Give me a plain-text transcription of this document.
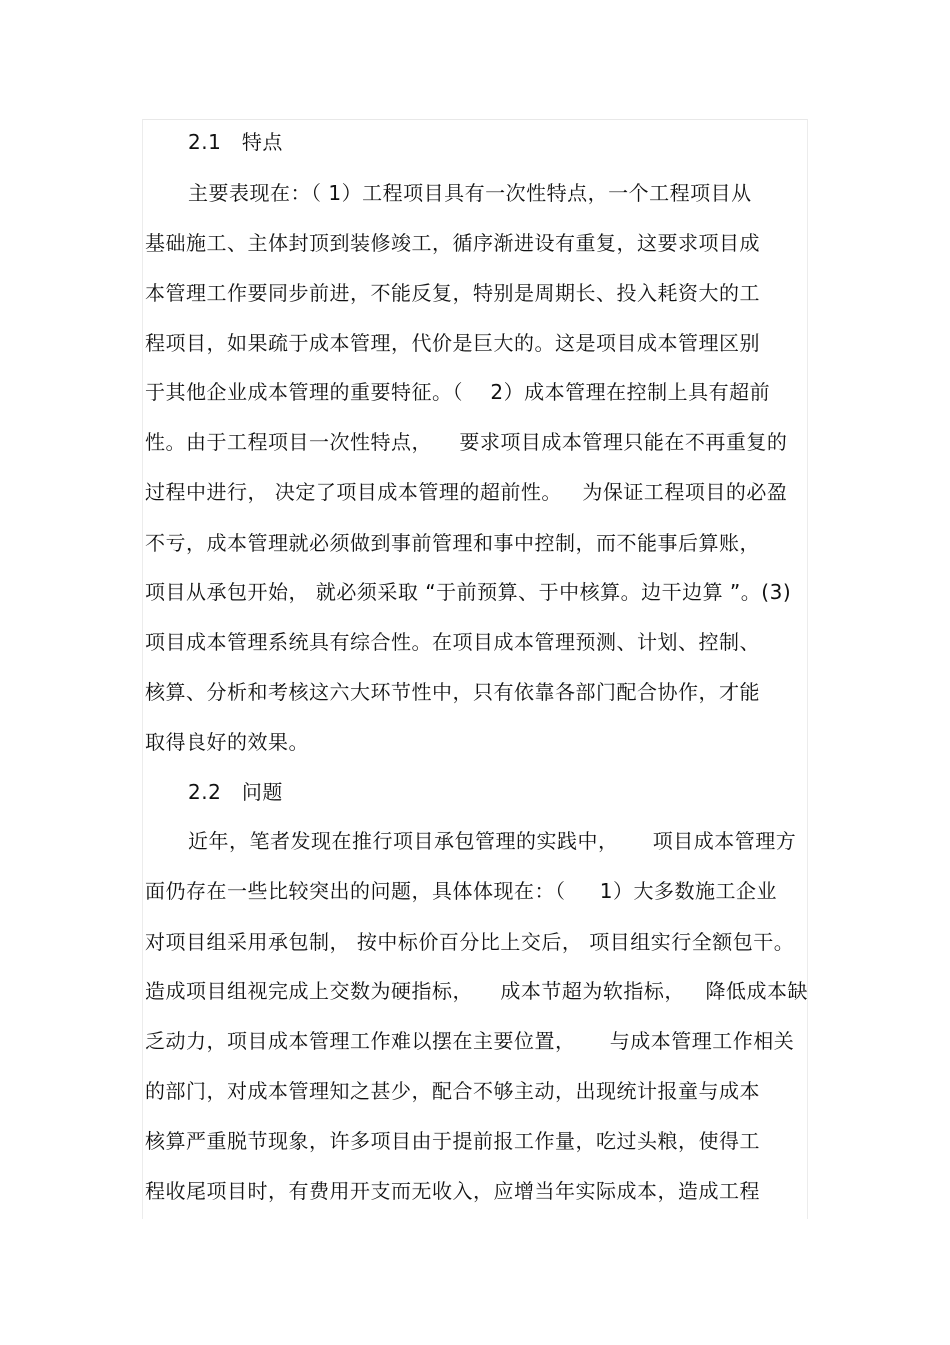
2.1   特点
主要表现在：（ 1）工程项目具有一次性特点，一个工程项目从
基础施工、主体封顶到装修竣工，循序渐进设有重复，这要求项目成
本管理工作要同步前进，不能反复，特别是周期长、投入耗资大的工
程项目，如果疏于成本管理，代价是巨大的。这是项目成本管理区别
于其他企业成本管理的重要特征。（    2）成本管理在控制上具有超前
性。由于工程项目一次性特点，    要求项目成本管理只能在不再重复的
过程中进行， 决定了项目成本管理的超前性。   为保证工程项目的必盈
不亏，成本管理就必须做到事前管理和事中控制，而不能事后算账，
项目从承包开始， 就必须采取 “于前预算、于中核算。边干边算 ”。(3)
项目成本管理系统具有综合性。在项目成本管理预测、计划、控制、
核算、分析和考核这六大环节性中，只有依靠各部门配合协作，才能
取得良好的效果。
2.2   问题
近年，笔者发现在推行项目承包管理的实践中，     项目成本管理方
面仍存在一些比较突出的问题，具体体现在：（     1）大多数施工企业
对项目组采用承包制， 按中标价百分比上交后， 项目组实行全额包干。
造成项目组视完成上交数为硬指标，    成本节超为软指标，   降低成本缺
乏动力，项目成本管理工作难以摆在主要位置，     与成本管理工作相关
的部门，对成本管理知之甚少，配合不够主动，出现统计报童与成本
核算严重脱节现象，许多项目由于提前报工作量，吃过头粮，使得工
程收尾项目时，有费用开支而无收入，应增当年实际成本，造成工程
